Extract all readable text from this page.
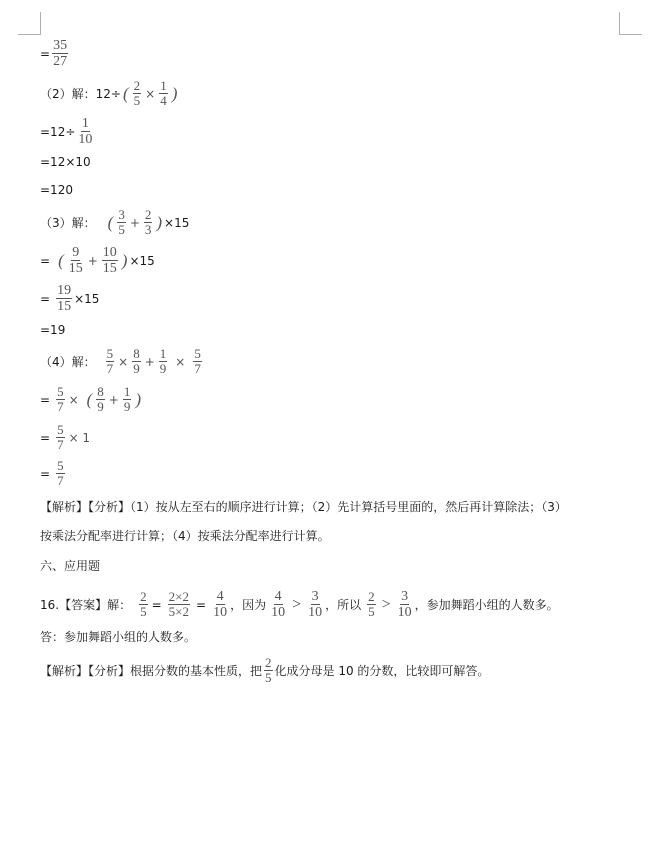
= $\frac{35}{27}$
（2）解： 12÷ ( $\frac{2}{5} \times \frac{1}{4}$ )
$=12\div \frac{1}{10}$
=12×10
=120
（3）解： ( $\frac{3}{5} + \frac{2}{3}$ ) ×15
= ( $\frac{9}{15} + \frac{10}{15}$ ) ×15
= $\frac{19}{15} \times 15$
=19
（4）解： $\frac{5}{7} \times \frac{8}{9} + \frac{1}{9} \times \frac{5}{7}$
= $\frac{5}{7}$ × ( $\frac{8}{9} + \frac{1}{9}$ )
= $\frac{5}{7} \times 1$
= $\frac{5}{7}$
【解析】【分析】（1）按从左至右的顺序进行计算；（2）先计算括号里面的，然后再计算除法；（3）
按乘法分配率进行计算；（4）按乘法分配率进行计算。
六、应用题
16.【答案】解： $\frac{2}{5} = \frac{2\times 2}{5\times 2} = \frac{4}{10}$ ，因为 $\frac{4}{10} > \frac{3}{10}$ ，所以 $\frac{2}{5} > \frac{3}{10}$ ，参加舞蹈小组的人数多。
答：参加舞蹈小组的人数多。
【解析】【分析】根据分数的基本性质，把 $\frac{2}{5}$ 化成分母是 10 的分数，比较即可解答。
